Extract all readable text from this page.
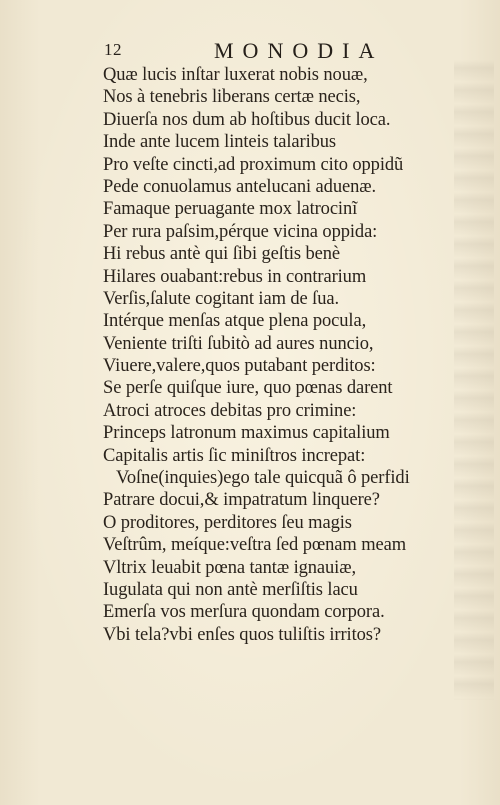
12	MONODIA
Quæ lucis inſtar luxerat nobis nouæ,
Nos à tenebris liberans certæ necis,
Diuerſa nos dum ab hoſtibus ducit loca.
Inde ante lucem linteis talaribus
Pro veſte cincti,ad proximum cito oppidũ
Pede conuolamus antelucani aduenæ.
Famaque peruagante mox latrocinĩ
Per rura paſsim,pérque vicina oppida:
Hi rebus antè qui ſibi geſtis benè
Hilares ouabant:rebus in contrarium
Verſis,ſalute cogitant iam de ſua.
Intérque menſas atque plena pocula,
Veniente triſti ſubitò ad aures nuncio,
Viuere,valere,quos putabant perditos:
Se perſe quiſque iure, quo pœnas darent
Atroci atroces debitas pro crimine:
Princeps latronum maximus capitalium
Capitalis artis ſic miniſtros increpat:
Voſne(inquies)ego tale quicquã ô perfidi
Patrare docui,& impatratum linquere?
O proditores, perditores ſeu magis
Veſtrûm, meíque:veſtra ſed pœnam meam
Vltrix leuabit pœna tantæ ignauiæ,
Iugulata qui non antè merſiſtis lacu
Emerſa vos merſura quondam corpora.
Vbi tela?vbi enſes quos tuliſtis irritos?
